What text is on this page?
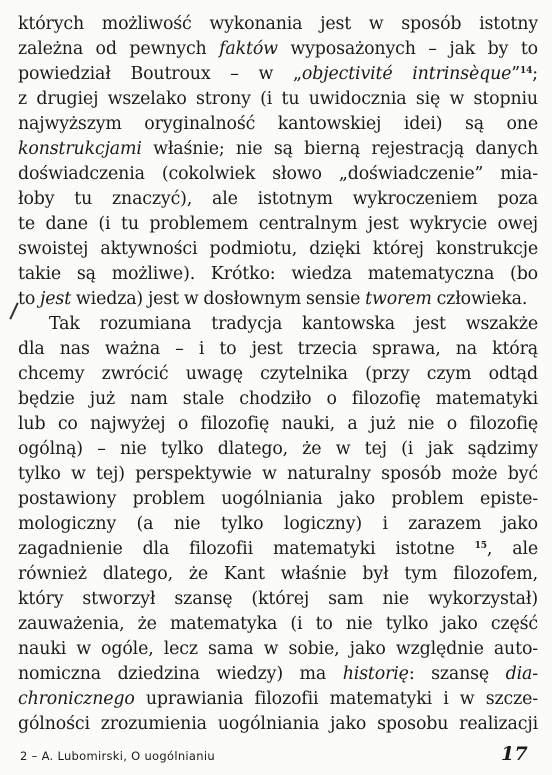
których możliwość wykonania jest w sposób istotny
zależna od pewnych faktów wyposażonych – jak by to
powiedział Boutroux – w „objectivité intrinsèque”$^{14}$;
z drugiej wszelako strony (i tu uwidocznia się w stopniu
najwyższym oryginalność kantowskiej idei) są one
konstrukcjami właśnie; nie są bierną rejestracją danych
doświadczenia (cokolwiek słowo „doświadczenie” mia-
łoby tu znaczyć), ale istotnym wykroczeniem poza
te dane (i tu problemem centralnym jest wykrycie owej
swoistej aktywności podmiotu, dzięki której konstrukcje
takie są możliwe). Krótko: wiedza matematyczna (bo
to jest wiedza) jest w dosłownym sensie tworem człowieka.
Tak rozumiana tradycja kantowska jest wszakże
dla nas ważna – i to jest trzecia sprawa, na którą
chcemy zwrócić uwagę czytelnika (przy czym odtąd
będzie już nam stale chodziło o filozofię matematyki
lub co najwyżej o filozofię nauki, a już nie o filozofię
ogólną) – nie tylko dlatego, że w tej (i jak sądzimy
tylko w tej) perspektywie w naturalny sposób może być
postawiony problem uogólniania jako problem episte-
mologiczny (a nie tylko logiczny) i zarazem jako
zagadnienie dla filozofii matematyki istotne $^{15}$, ale
również dlatego, że Kant właśnie był tym filozofem,
który stworzył szansę (której sam nie wykorzystał)
zauważenia, że matematyka (i to nie tylko jako część
nauki w ogóle, lecz sama w sobie, jako względnie auto-
nomiczna dziedzina wiedzy) ma historię: szansę dia-
chronicznego uprawiania filozofii matematyki i w szcze-
gólności zrozumienia uogólniania jako sposobu realizacji
2 – A. Lubomirski, O uogólnianiu	17
